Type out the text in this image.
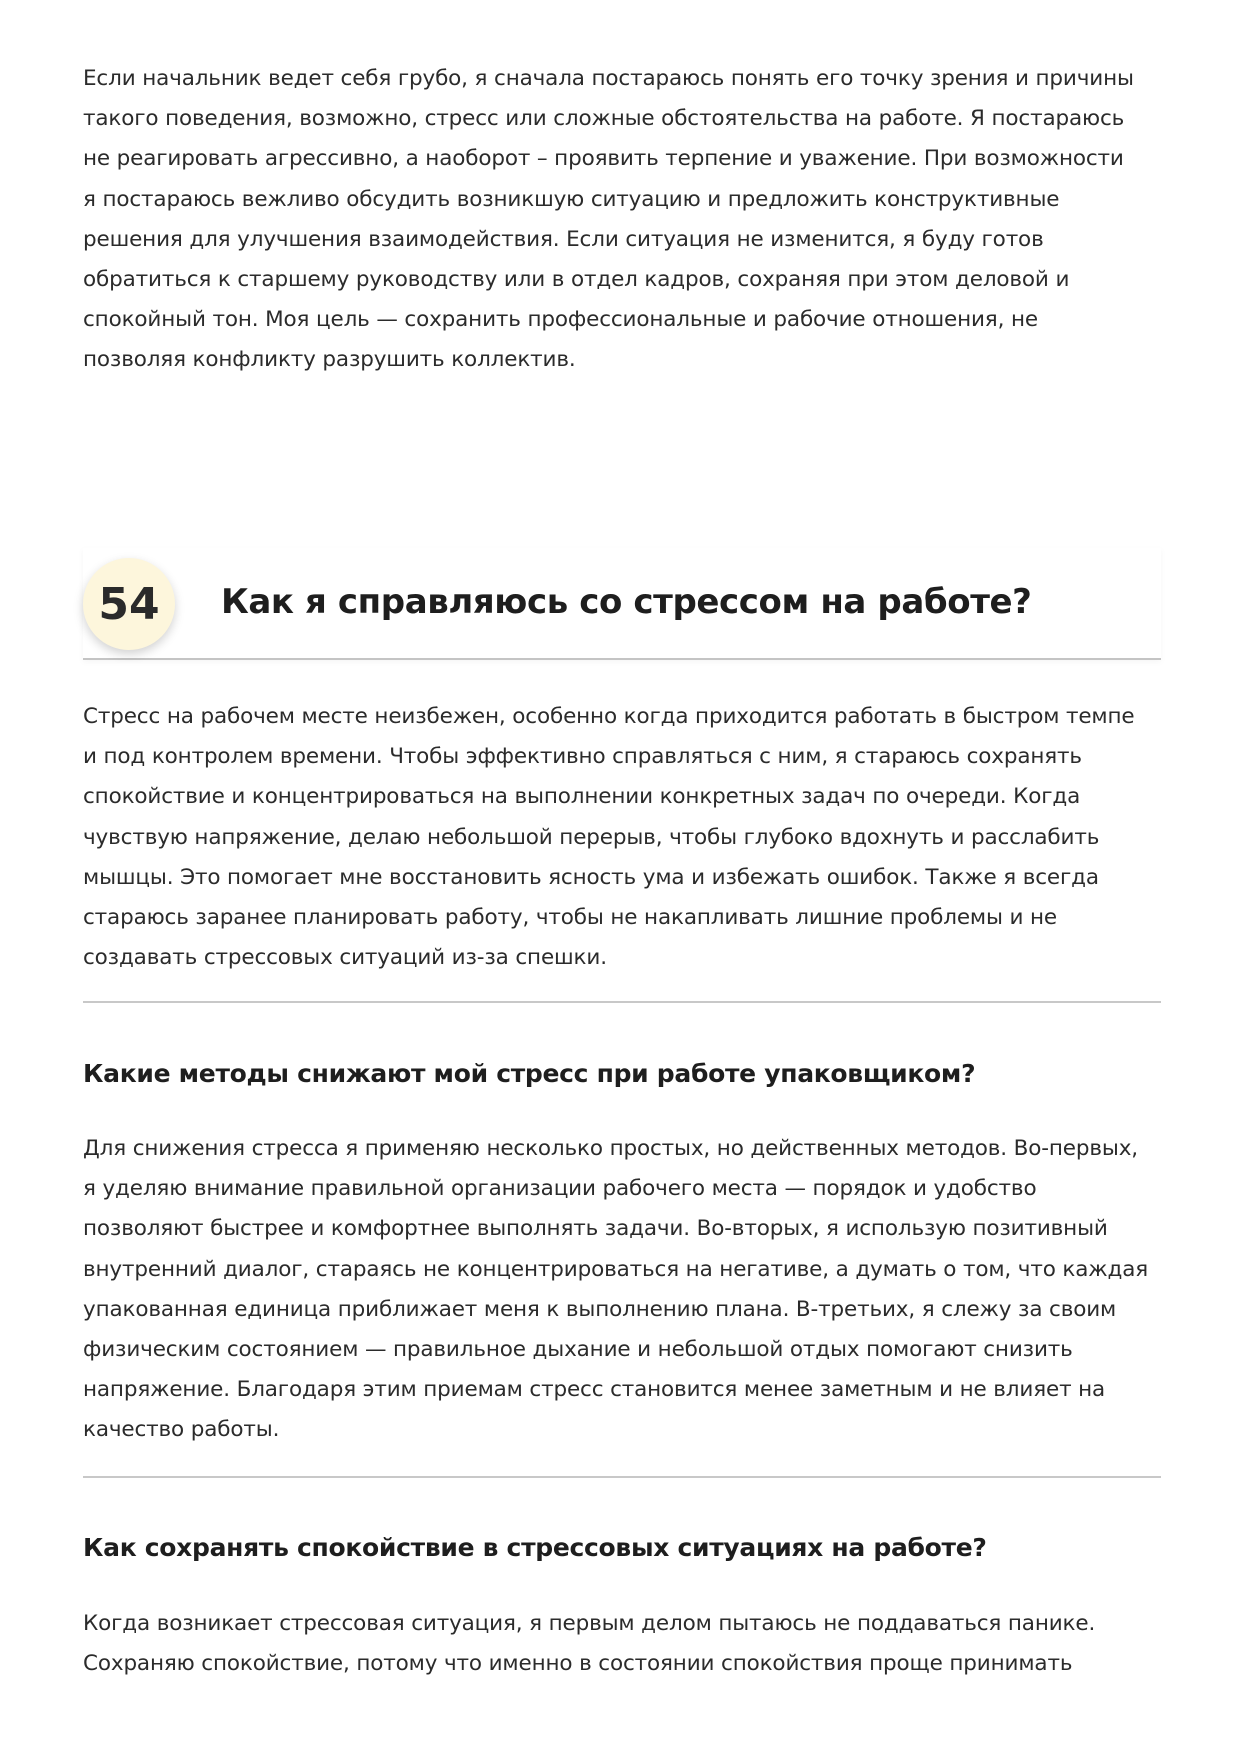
Если начальник ведет себя грубо, я сначала постараюсь понять его точку зрения и причины
такого поведения, возможно, стресс или сложные обстоятельства на работе. Я постараюсь
не реагировать агрессивно, а наоборот – проявить терпение и уважение. При возможности
я постараюсь вежливо обсудить возникшую ситуацию и предложить конструктивные
решения для улучшения взаимодействия. Если ситуация не изменится, я буду готов
обратиться к старшему руководству или в отдел кадров, сохраняя при этом деловой и
спокойный тон. Моя цель — сохранить профессиональные и рабочие отношения, не
позволяя конфликту разрушить коллектив.

54	Как я справляюсь со стрессом на работе?

Стресс на рабочем месте неизбежен, особенно когда приходится работать в быстром темпе
и под контролем времени. Чтобы эффективно справляться с ним, я стараюсь сохранять
спокойствие и концентрироваться на выполнении конкретных задач по очереди. Когда
чувствую напряжение, делаю небольшой перерыв, чтобы глубоко вдохнуть и расслабить
мышцы. Это помогает мне восстановить ясность ума и избежать ошибок. Также я всегда
стараюсь заранее планировать работу, чтобы не накапливать лишние проблемы и не
создавать стрессовых ситуаций из-за спешки.

Какие методы снижают мой стресс при работе упаковщиком?

Для снижения стресса я применяю несколько простых, но действенных методов. Во-первых,
я уделяю внимание правильной организации рабочего места — порядок и удобство
позволяют быстрее и комфортнее выполнять задачи. Во-вторых, я использую позитивный
внутренний диалог, стараясь не концентрироваться на негативе, а думать о том, что каждая
упакованная единица приближает меня к выполнению плана. В-третьих, я слежу за своим
физическим состоянием — правильное дыхание и небольшой отдых помогают снизить
напряжение. Благодаря этим приемам стресс становится менее заметным и не влияет на
качество работы.

Как сохранять спокойствие в стрессовых ситуациях на работе?

Когда возникает стрессовая ситуация, я первым делом пытаюсь не поддаваться панике.
Сохраняю спокойствие, потому что именно в состоянии спокойствия проще принимать
